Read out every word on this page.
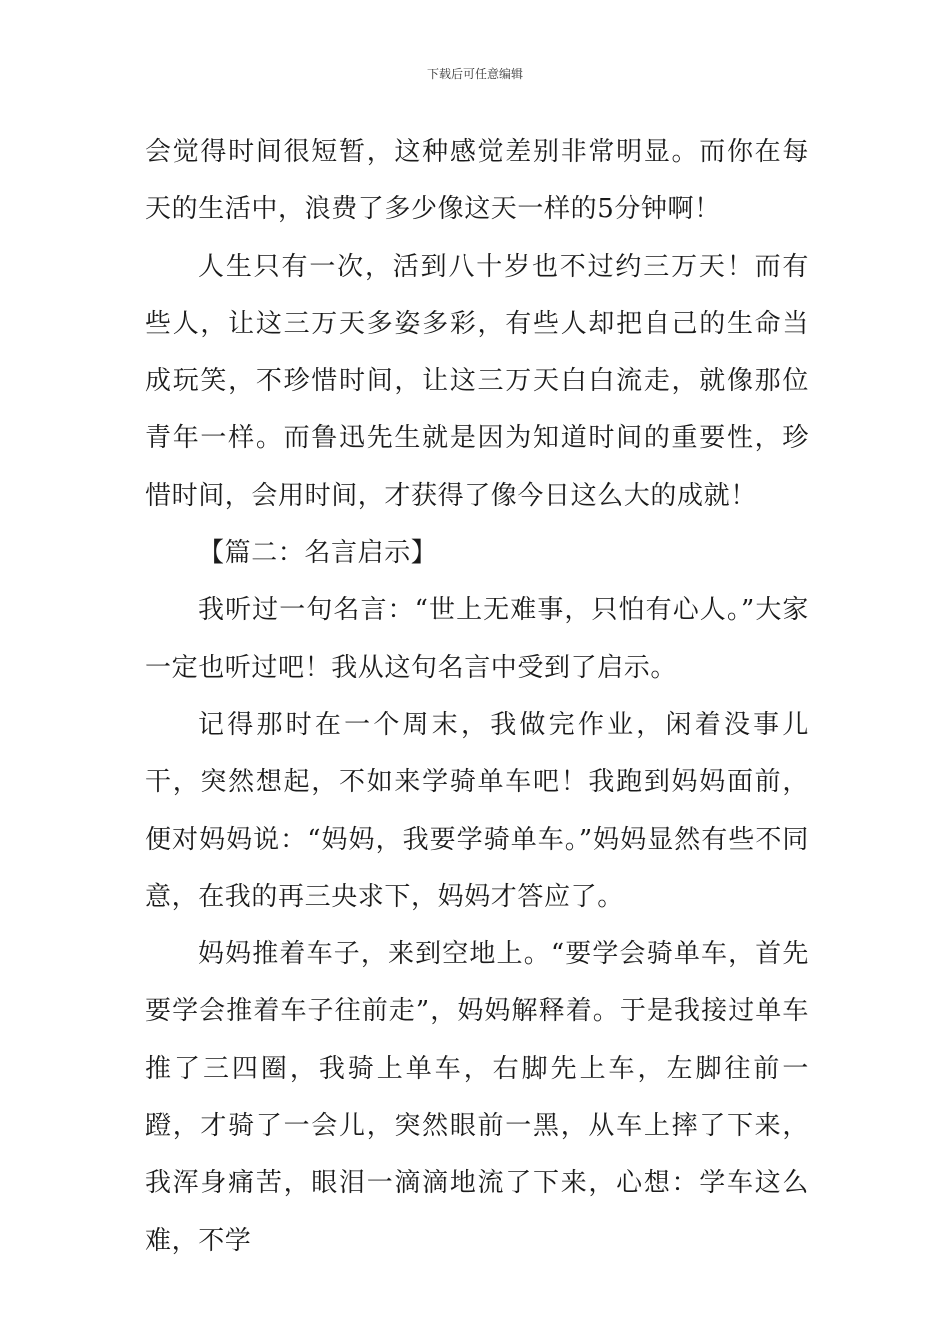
下载后可任意编辑

会觉得时间很短暂，这种感觉差别非常明显。而你在每天的生活中，浪费了多少像这天一样的5分钟啊！

人生只有一次，活到八十岁也不过约三万天！而有些人，让这三万天多姿多彩，有些人却把自己的生命当成玩笑，不珍惜时间，让这三万天白白流走，就像那位青年一样。而鲁迅先生就是因为知道时间的重要性，珍惜时间，会用时间，才获得了像今日这么大的成就！

【篇二：名言启示】

我听过一句名言：“世上无难事，只怕有心人。”大家一定也听过吧！我从这句名言中受到了启示。

记得那时在一个周末，我做完作业，闲着没事儿干，突然想起，不如来学骑单车吧！我跑到妈妈面前，便对妈妈说：“妈妈，我要学骑单车。”妈妈显然有些不同意，在我的再三央求下，妈妈才答应了。

妈妈推着车子，来到空地上。“要学会骑单车，首先要学会推着车子往前走”，妈妈解释着。于是我接过单车推了三四圈，我骑上单车，右脚先上车，左脚往前一蹬，才骑了一会儿，突然眼前一黑，从车上摔了下来，我浑身痛苦，眼泪一滴滴地流了下来，心想：学车这么难，不学
